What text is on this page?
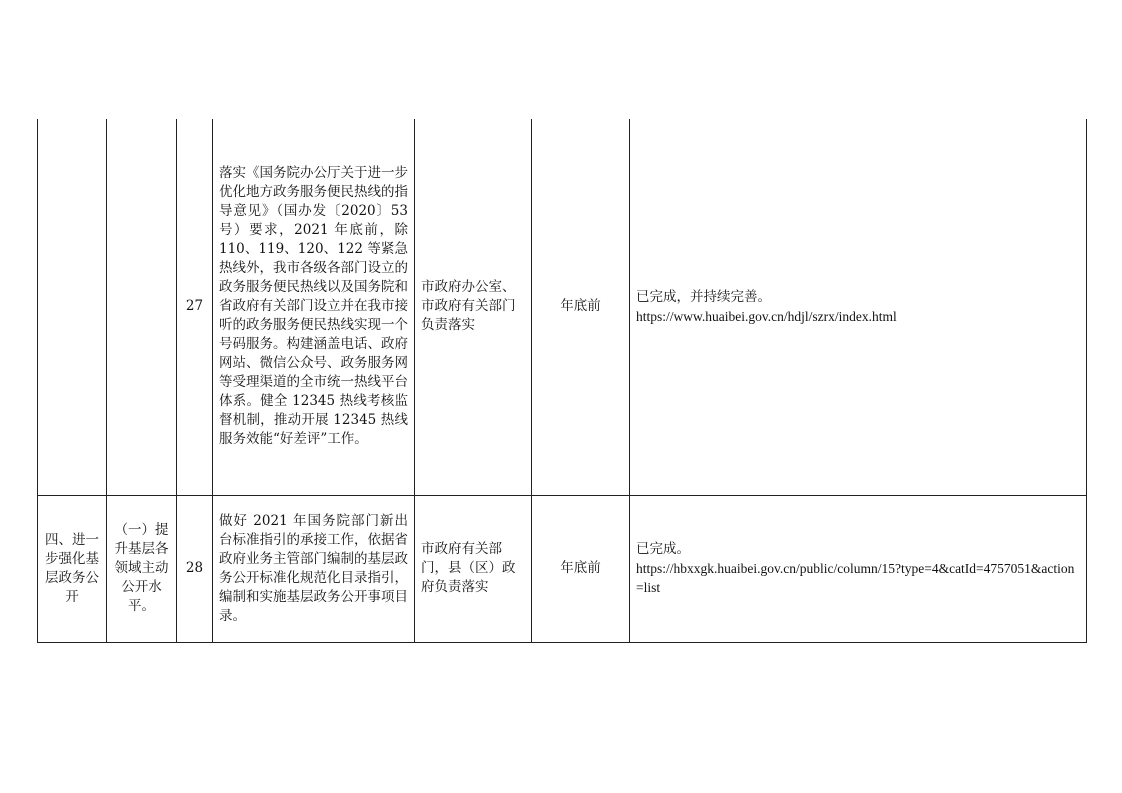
		27	落实《国务院办公厅关于进一步优化地方政务服务便民热线的指导意见》（国办发〔2020〕53 号）要求，2021 年底前，除 110、119、120、122 等紧急热线外，我市各级各部门设立的政务服务便民热线以及国务院和省政府有关部门设立并在我市接听的政务服务便民热线实现一个号码服务。构建涵盖电话、政府网站、微信公众号、政务服务网等受理渠道的全市统一热线平台体系。健全 12345 热线考核监督机制，推动开展 12345 热线服务效能“好差评”工作。	市政府办公室、市政府有关部门负责落实	年底前	已完成，并持续完善。
https://www.huaibei.gov.cn/hdjl/szrx/index.html

四、进一步强化基层政务公开	（一）提升基层各领域主动公开水平。	28	做好 2021 年国务院部门新出台标准指引的承接工作，依据省政府业务主管部门编制的基层政务公开标准化规范化目录指引，编制和实施基层政务公开事项目录。	市政府有关部门，县（区）政府负责落实	年底前	已完成。
https://hbxxgk.huaibei.gov.cn/public/column/15?type=4&catId=4757051&action=list
